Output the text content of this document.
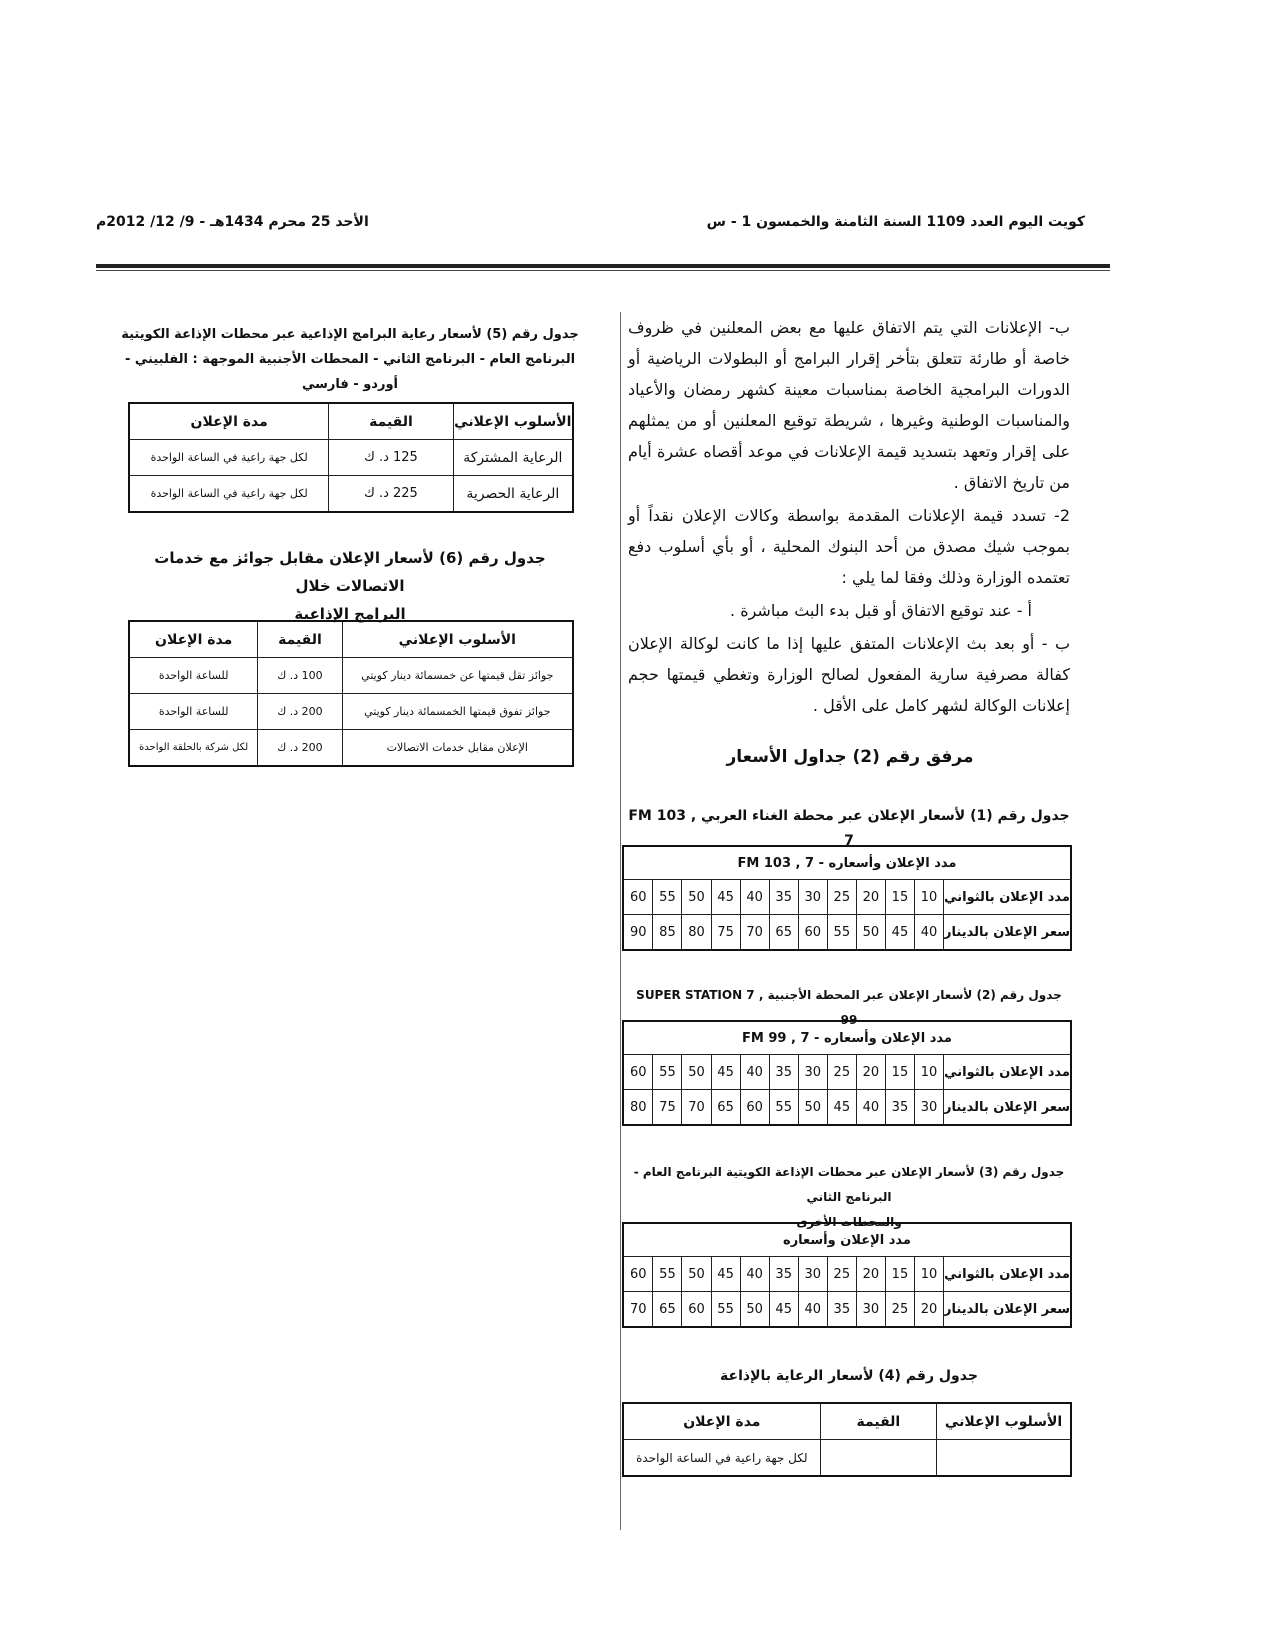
كويت اليوم العدد 1109 السنة الثامنة والخمسون 1 - س
الأحد 25 محرم 1434هـ - 9/ 12/ 2012م

ب- الإعلانات التي يتم الاتفاق عليها مع بعض المعلنين في ظروف خاصة أو طارئة تتعلق بتأخر إقرار البرامج أو البطولات الرياضية أو الدورات البرامجية الخاصة بمناسبات معينة كشهر رمضان والأعياد والمناسبات الوطنية وغيرها ، شريطة توقيع المعلنين أو من يمثلهم على إقرار وتعهد بتسديد قيمة الإعلانات في موعد أقصاه عشرة أيام من تاريخ الاتفاق .

2- تسدد قيمة الإعلانات المقدمة بواسطة وكالات الإعلان نقداً أو بموجب شيك مصدق من أحد البنوك المحلية ، أو بأي أسلوب دفع تعتمده الوزارة وذلك وفقا لما يلي :

أ - عند توقيع الاتفاق أو قبل بدء البث مباشرة .

ب - أو بعد بث الإعلانات المتفق عليها إذا ما كانت لوكالة الإعلان كفالة مصرفية سارية المفعول لصالح الوزارة وتغطي قيمتها حجم إعلانات الوكالة لشهر كامل على الأقل .

مرفق رقم (2) جداول الأسعار
جدول رقم (1) لأسعار الإعلان عبر محطة الغناء العربي FM 103 , 7
مدد الإعلان وأسعاره - FM 103 , 7											
مدد الإعلان بالثواني	10	15	20	25	30	35	40	45	50	55	60
سعر الإعلان بالدينار	40	45	50	55	60	65	70	75	80	85	90
جدول رقم (2) لأسعار الإعلان عبر المحطة الأجنبية SUPER STATION 7 , 99
مدد الإعلان وأسعاره - FM 99 , 7											
مدد الإعلان بالثواني	10	15	20	25	30	35	40	45	50	55	60
سعر الإعلان بالدينار	30	35	40	45	50	55	60	65	70	75	80
جدول رقم (3) لأسعار الإعلان عبر محطات الإذاعة الكويتية البرنامج العام - البرنامج الثاني
والمحطات الأخرى
مدد الإعلان وأسعاره											
مدد الإعلان بالثواني	10	15	20	25	30	35	40	45	50	55	60
سعر الإعلان بالدينار	20	25	30	35	40	45	50	55	60	65	70
جدول رقم (4) لأسعار الرعاية بالإذاعة
الأسلوب الإعلاني	القيمة	مدة الإعلان
		لكل جهة راعية في الساعة الواحدة
جدول رقم (5) لأسعار رعاية البرامج الإذاعية عبر محطات الإذاعة الكويتية
البرنامج العام - البرنامج الثاني - المحطات الأجنبية الموجهة : الفلبيني - أوردو - فارسي
الأسلوب الإعلاني	القيمة	مدة الإعلان
الرعاية المشتركة	125 د. ك	لكل جهة راعية في الساعة الواحدة
الرعاية الحصرية	225 د. ك	لكل جهة راعية في الساعة الواحدة
جدول رقم (6) لأسعار الإعلان مقابل جوائز مع خدمات الاتصالات خلال
البرامج الإذاعية
الأسلوب الإعلاني	القيمة	مدة الإعلان
جوائز تقل قيمتها عن خمسمائة دينار كويتي	100 د. ك	للساعة الواحدة
جوائز تفوق قيمتها الخمسمائة دينار كويتي	200 د. ك	للساعة الواحدة
الإعلان مقابل خدمات الاتصالات	200 د. ك	لكل شركة بالحلقة الواحدة
